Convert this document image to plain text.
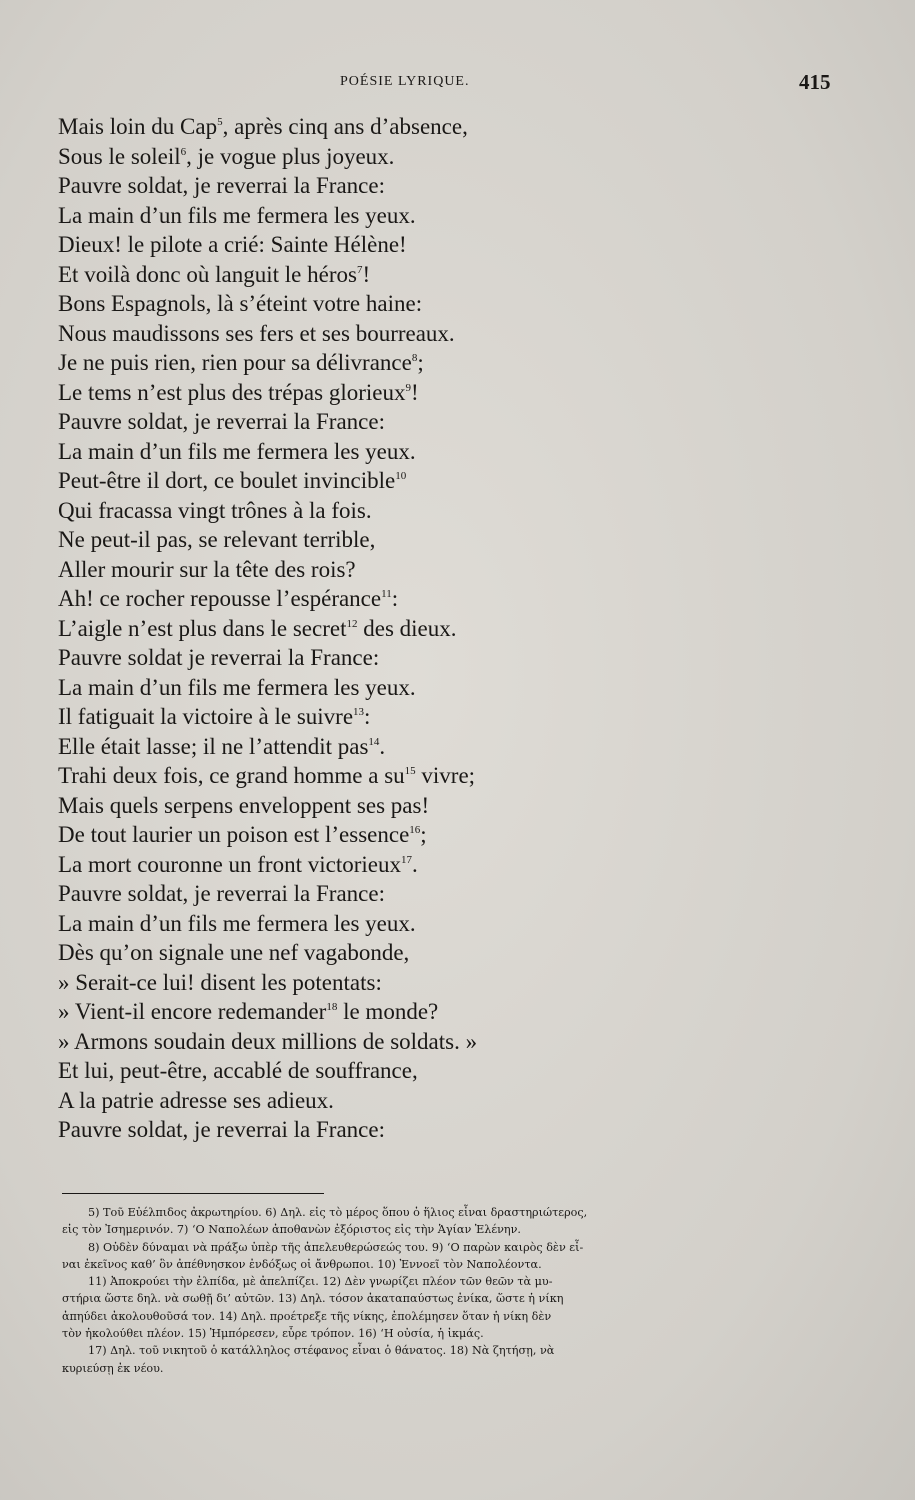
POÉSIE LYRIQUE.	415
Mais loin du Cap$^5$, après cinq ans d’absence,
Sous le soleil$^6$, je vogue plus joyeux.
Pauvre soldat, je reverrai la France:
La main d’un fils me fermera les yeux.
Dieux! le pilote a crié: Sainte Hélène!
Et voilà donc où languit le héros$^7$!
Bons Espagnols, là s’éteint votre haine:
Nous maudissons ses fers et ses bourreaux.
Je ne puis rien, rien pour sa délivrance$^8$;
Le tems n’est plus des trépas glorieux$^9$!
Pauvre soldat, je reverrai la France:
La main d’un fils me fermera les yeux.
Peut-être il dort, ce boulet invincible$^{10}$
Qui fracassa vingt trônes à la fois.
Ne peut-il pas, se relevant terrible,
Aller mourir sur la tête des rois?
Ah! ce rocher repousse l’espérance$^{11}$:
L’aigle n’est plus dans le secret$^{12}$ des dieux.
Pauvre soldat je reverrai la France:
La main d’un fils me fermera les yeux.
Il fatiguait la victoire à le suivre$^{13}$:
Elle était lasse; il ne l’attendit pas$^{14}$.
Trahi deux fois, ce grand homme a $su^{15}$ vivre;
Mais quels serpens enveloppent ses pas!
De tout laurier un poison est l’essence$^{16}$;
La mort couronne un front victorieux$^{17}$.
Pauvre soldat, je reverrai la France:
La main d’un fils me fermera les yeux.
Dès qu’on signale une nef vagabonde,
» Serait-ce lui! disent les potentats:
» Vient-il encore redemander$^{18}$ le monde?
» Armons soudain deux millions de soldats. »
Et lui, peut-être, accablé de souffrance,
A la patrie adresse ses adieux.
Pauvre soldat, je reverrai la France:
5) Τοῦ Εὐέλπιδος ἀκρωτηρίου. 6) Δηλ. εἰς τὸ μέρος ὅπου ὁ ἥλιος εἶναι δραστηριώτερος,
εἰς τὸν Ἰσημερινόν. 7) ‘Ο Ναπολέων ἀποθανὼν ἐξόριστος εἰς τὴν Ἁγίαν Ἑλένην.
8) Οὐδὲν δύναμαι νὰ πράξω ὑπὲρ τῆς ἀπελευθερώσεώς του. 9) ‘Ο παρὼν καιρὸς δὲν εἶ-
ναι ἐκεῖνος καθ’ ὃν ἀπέθνησκον ἐνδόξως οἱ ἄνθρωποι. 10) Ἐννοεῖ τὸν Ναπολέοντα.
11) Ἀποκρούει τὴν ἐλπίδα, μὲ ἀπελπίζει. 12) Δὲν γνωρίζει πλέον τῶν θεῶν τὰ μυ-
στήρια ὥστε δηλ. νὰ σωθῇ δι’ αὐτῶν. 13) Δηλ. τόσον ἀκαταπαύστως ἐνίκα, ὥστε ἡ νίκη
ἀπηύδει ἀκολουθοῦσά τον. 14) Δηλ. προέτρεξε τῆς νίκης, ἐπολέμησεν ὅταν ἡ νίκη δὲν
τὸν ἠκολούθει πλέον. 15) Ἠμπόρεσεν, εὗρε τρόπον. 16) ‘Η οὐσία, ἡ ἰκμάς.
17) Δηλ. τοῦ νικητοῦ ὁ κατάλληλος στέφανος εἶναι ὁ θάνατος. 18) Νὰ ζητήσῃ, νὰ
κυριεύσῃ ἐκ νέου.
